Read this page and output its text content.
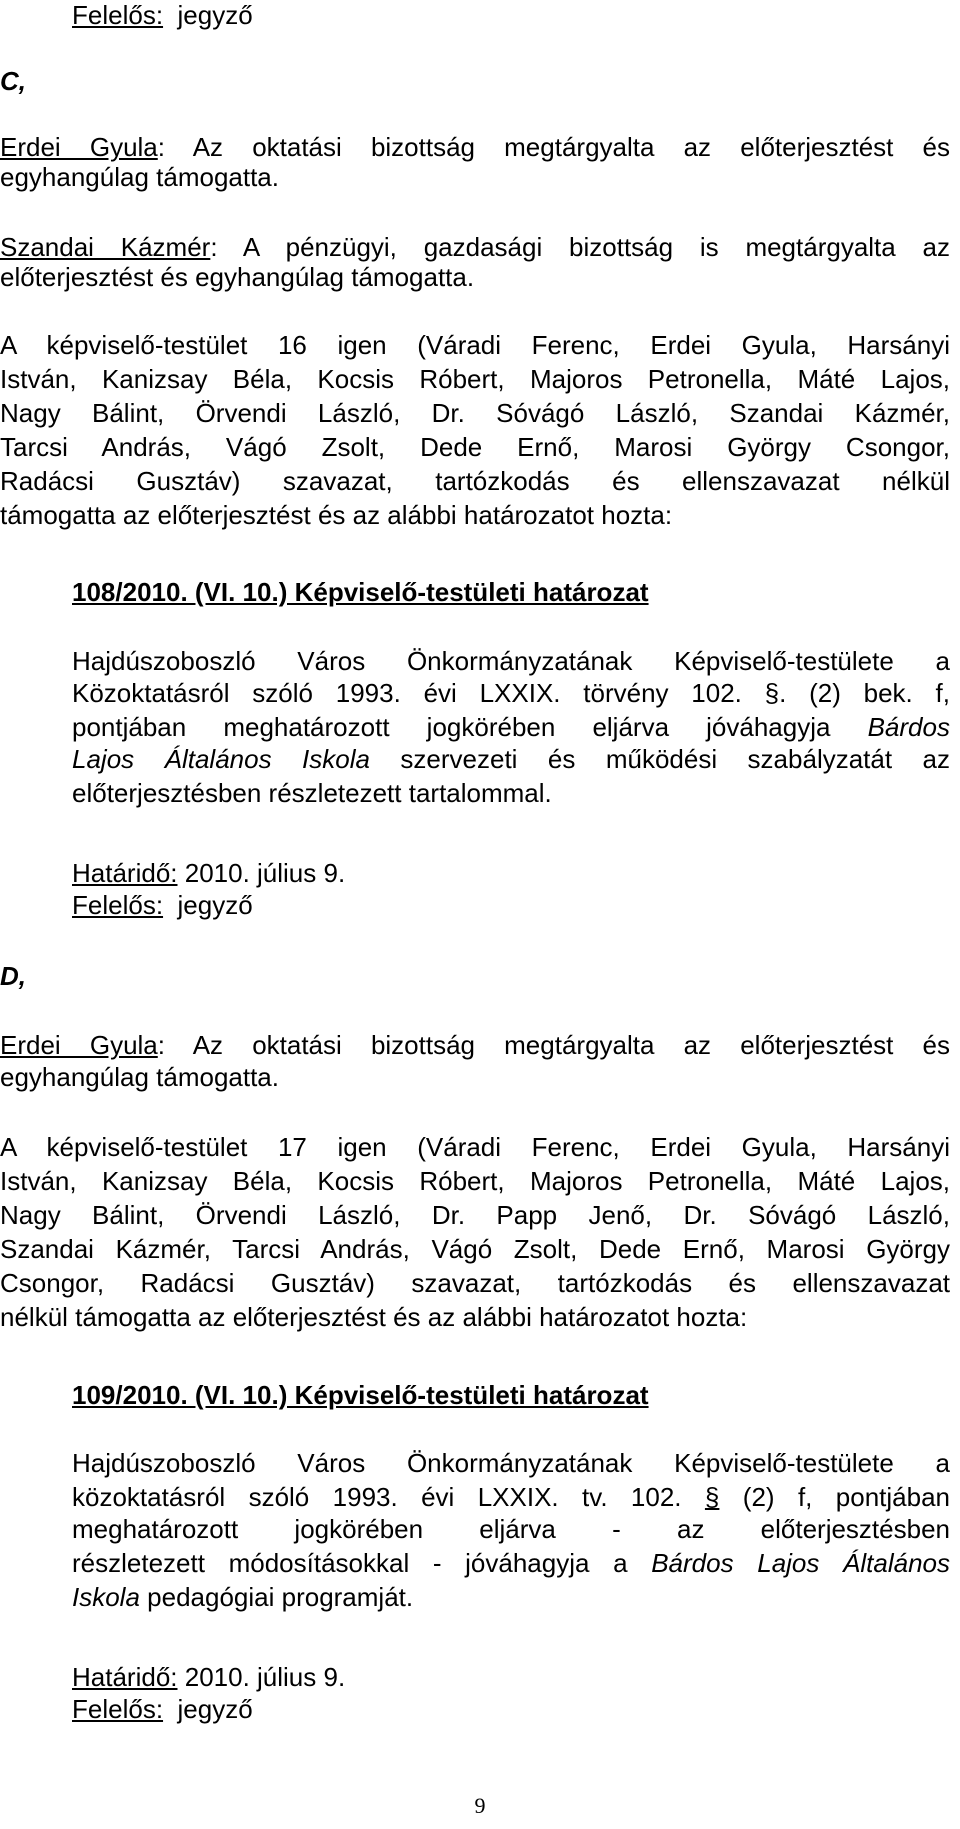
Felelős: jegyző
C,
Erdei Gyula: Az oktatási bizottság megtárgyalta az előterjesztést és
egyhangúlag támogatta.
Szandai Kázmér: A pénzügyi, gazdasági bizottság is megtárgyalta az
előterjesztést és egyhangúlag támogatta.
A képviselő-testület 16 igen (Váradi Ferenc, Erdei Gyula, Harsányi
István, Kanizsay Béla, Kocsis Róbert, Majoros Petronella, Máté Lajos,
Nagy Bálint, Örvendi László, Dr. Sóvágó László, Szandai Kázmér,
Tarcsi András, Vágó Zsolt, Dede Ernő, Marosi György Csongor,
Radácsi Gusztáv) szavazat, tartózkodás és ellenszavazat nélkül
támogatta az előterjesztést és az alábbi határozatot hozta:
108/2010. (VI. 10.) Képviselő-testületi határozat
Hajdúszoboszló Város Önkormányzatának Képviselő-testülete a
Közoktatásról szóló 1993. évi LXXIX. törvény 102. §. (2) bek. f,
pontjában meghatározott jogkörében eljárva jóváhagyja Bárdos
Lajos Általános Iskola szervezeti és működési szabályzatát az
előterjesztésben részletezett tartalommal.
Határidő: 2010. július 9.
Felelős: jegyző
D,
Erdei Gyula: Az oktatási bizottság megtárgyalta az előterjesztést és
egyhangúlag támogatta.
A képviselő-testület 17 igen (Váradi Ferenc, Erdei Gyula, Harsányi
István, Kanizsay Béla, Kocsis Róbert, Majoros Petronella, Máté Lajos,
Nagy Bálint, Örvendi László, Dr. Papp Jenő, Dr. Sóvágó László,
Szandai Kázmér, Tarcsi András, Vágó Zsolt, Dede Ernő, Marosi György
Csongor, Radácsi Gusztáv) szavazat, tartózkodás és ellenszavazat
nélkül támogatta az előterjesztést és az alábbi határozatot hozta:
109/2010. (VI. 10.) Képviselő-testületi határozat
Hajdúszoboszló Város Önkormányzatának Képviselő-testülete a
közoktatásról szóló 1993. évi LXXIX. tv. 102. § (2) f, pontjában
meghatározott jogkörében eljárva - az előterjesztésben
részletezett módosításokkal - jóváhagyja a Bárdos Lajos Általános
Iskola pedagógiai programját.
Határidő: 2010. július 9.
Felelős: jegyző
9
